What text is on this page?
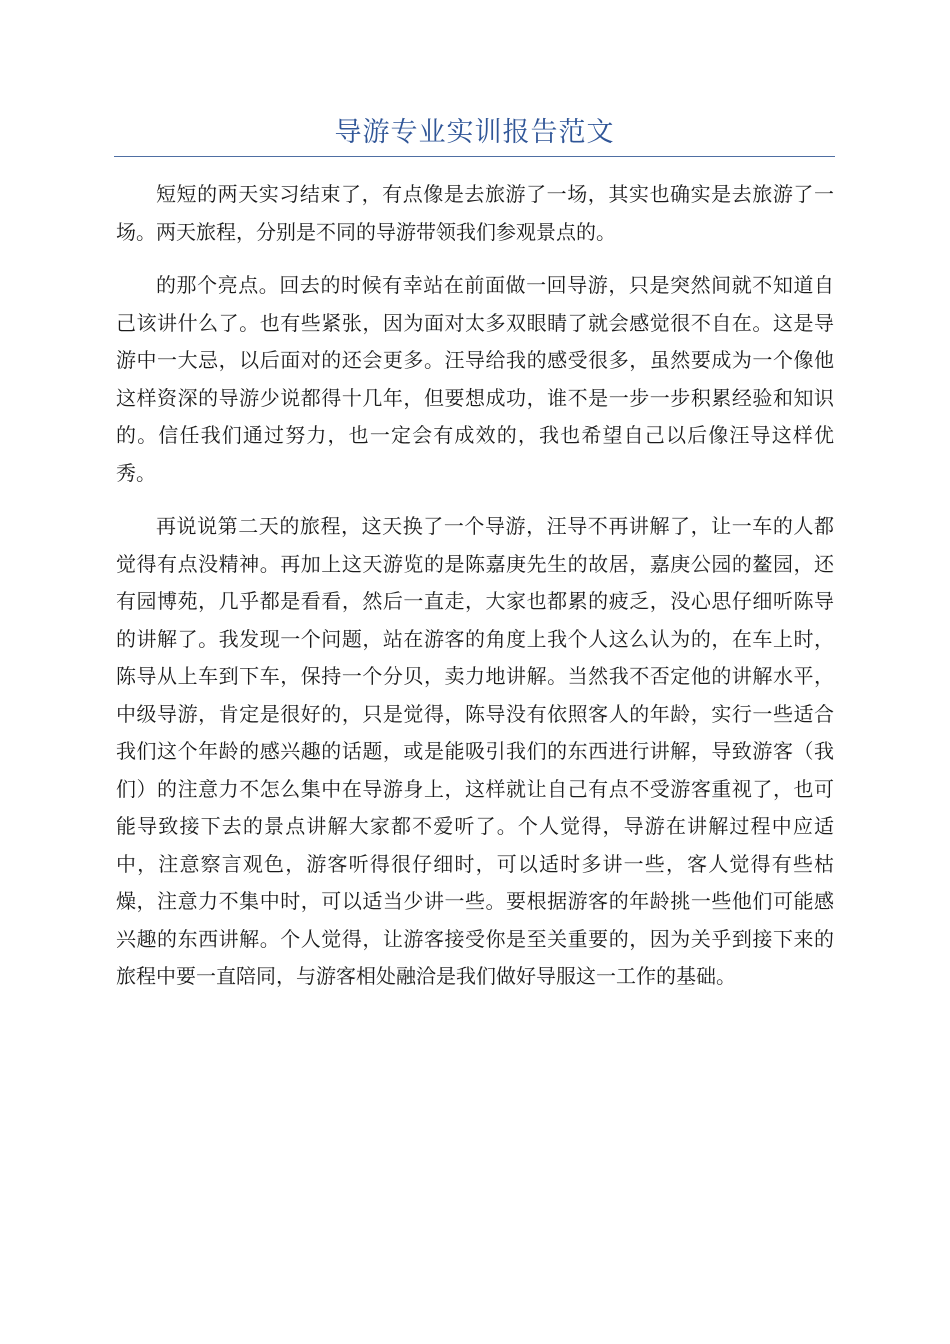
导游专业实训报告范文

短短的两天实习结束了，有点像是去旅游了一场，其实也确实是去旅游了一场。两天旅程，分别是不同的导游带领我们参观景点的。

的那个亮点。回去的时候有幸站在前面做一回导游，只是突然间就不知道自己该讲什么了。也有些紧张，因为面对太多双眼睛了就会感觉很不自在。这是导游中一大忌，以后面对的还会更多。汪导给我的感受很多，虽然要成为一个像他这样资深的导游少说都得十几年，但要想成功，谁不是一步一步积累经验和知识的。信任我们通过努力，也一定会有成效的，我也希望自己以后像汪导这样优秀。

再说说第二天的旅程，这天换了一个导游，汪导不再讲解了，让一车的人都觉得有点没精神。再加上这天游览的是陈嘉庚先生的故居，嘉庚公园的鳌园，还有园博苑，几乎都是看看，然后一直走，大家也都累的疲乏，没心思仔细听陈导的讲解了。我发现一个问题，站在游客的角度上我个人这么认为的，在车上时，陈导从上车到下车，保持一个分贝，卖力地讲解。当然我不否定他的讲解水平，中级导游，肯定是很好的，只是觉得，陈导没有依照客人的年龄，实行一些适合我们这个年龄的感兴趣的话题，或是能吸引我们的东西进行讲解，导致游客（我们）的注意力不怎么集中在导游身上，这样就让自己有点不受游客重视了，也可能导致接下去的景点讲解大家都不爱听了。个人觉得，导游在讲解过程中应适中，注意察言观色，游客听得很仔细时，可以适时多讲一些，客人觉得有些枯燥，注意力不集中时，可以适当少讲一些。要根据游客的年龄挑一些他们可能感兴趣的东西讲解。个人觉得，让游客接受你是至关重要的，因为关乎到接下来的旅程中要一直陪同，与游客相处融洽是我们做好导服这一工作的基础。
